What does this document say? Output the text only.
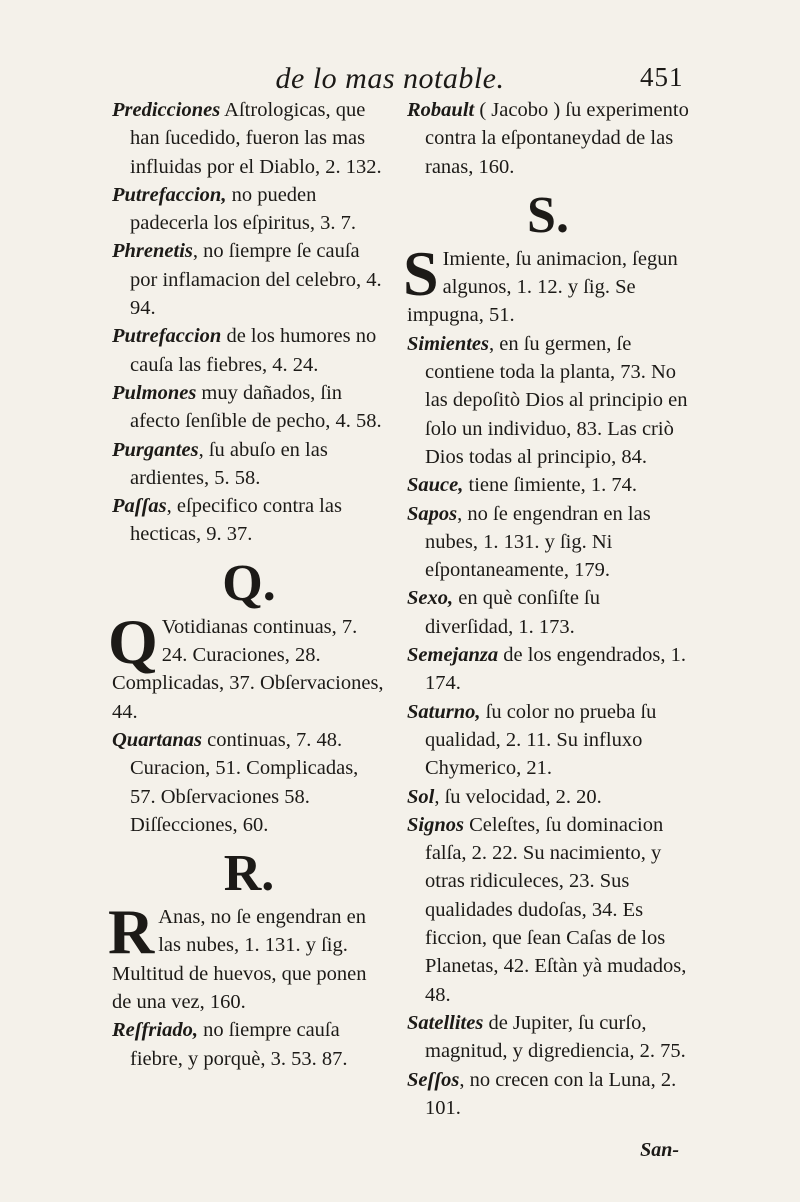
de lo mas notable.	451

Predicciones Aſtrologicas, que han ſucedido, fueron las mas influidas por el Diablo, 2. 132.

Putrefaccion, no pueden padecerla los eſpiritus, 3. 7.

Phrenetis, no ſiempre ſe cauſa por inflamacion del celebro, 4. 94.

Putrefaccion de los humores no cauſa las fiebres, 4. 24.

Pulmones muy dañados, ſin afecto ſenſible de pecho, 4. 58.

Purgantes, ſu abuſo en las ardientes, 5. 58.

Paſſas, eſpecifico contra las hecticas, 9. 37.

Q.

Q Votidianas continuas, 7. 24. Curaciones, 28. Complicadas, 37. Obſervaciones, 44.

Quartanas continuas, 7. 48. Curacion, 51. Complicadas, 57. Obſervaciones 58. Diſſecciones, 60.

R.

R Anas, no ſe engendran en las nubes, 1. 131. y ſig. Multitud de huevos, que ponen de una vez, 160.

Reſfriado, no ſiempre cauſa fiebre, y porquè, 3. 53. 87.

Robault ( Jacobo ) ſu experimento contra la eſpontaneydad de las ranas, 160.

S.

S Imiente, ſu animacion, ſegun algunos, 1. 12. y ſig. Se impugna, 51.

Simientes, en ſu germen, ſe contiene toda la planta, 73. No las depoſitò Dios al principio en ſolo un individuo, 83. Las criò Dios todas al principio, 84.

Sauce, tiene ſimiente, 1. 74.

Sapos, no ſe engendran en las nubes, 1. 131. y ſig. Ni eſpontaneamente, 179.

Sexo, en què conſiſte ſu diverſidad, 1. 173.

Semejanza de los engendrados, 1. 174.

Saturno, ſu color no prueba ſu qualidad, 2. 11. Su influxo Chymerico, 21.

Sol, ſu velocidad, 2. 20.

Signos Celeſtes, ſu dominacion falſa, 2. 22. Su nacimiento, y otras ridiculeces, 23. Sus qualidades dudoſas, 34. Es ficcion, que ſean Caſas de los Planetas, 42. Eſtàn yà mudados, 48.

Satellites de Jupiter, ſu curſo, magnitud, y digrediencia, 2. 75.

Seſſos, no crecen con la Luna, 2. 101.

San-
